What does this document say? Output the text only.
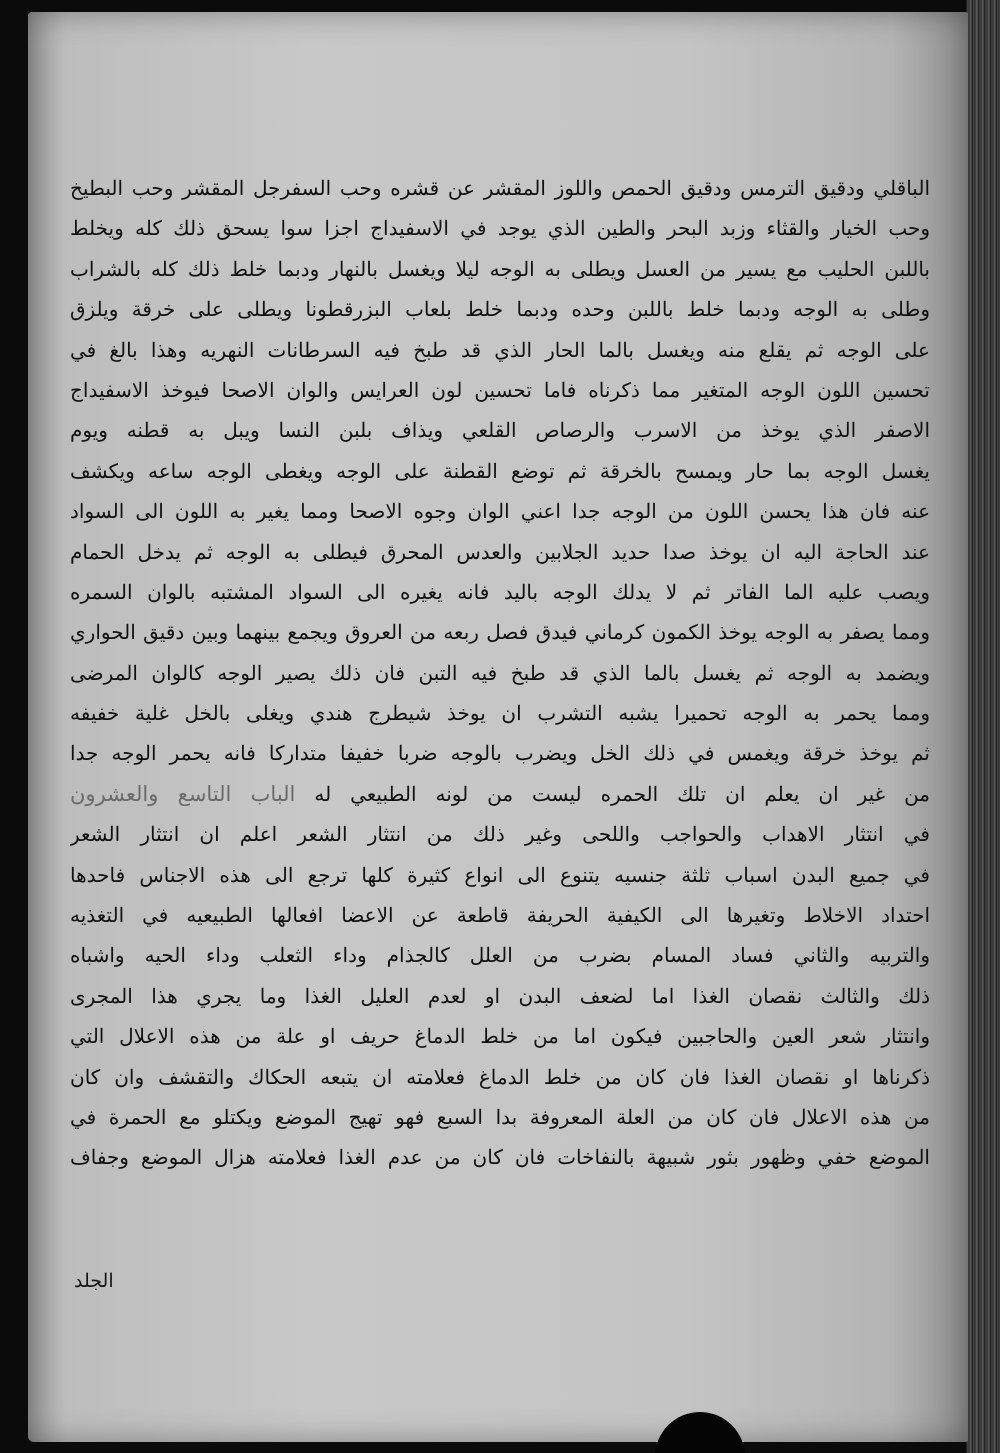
الباقلي ودقيق الترمس ودقيق الحمص واللوز المقشر عن قشره وحب السفرجل المقشر وحب البطيخ
وحب الخيار والقثاء وزبد البحر والطين الذي يوجد في الاسفيداج اجزا سوا يسحق ذلك كله ويخلط
باللبن الحليب مع يسير من العسل ويطلى به الوجه ليلا ويغسل بالنهار ودبما خلط ذلك كله بالشراب
وطلى به الوجه ودبما خلط باللبن وحده ودبما خلط بلعاب البزرقطونا ويطلى على خرقة ويلزق
على الوجه ثم يقلع منه ويغسل بالما الحار الذي قد طبخ فيه السرطانات النهريه وهذا بالغ في
تحسين اللون الوجه المتغير مما ذكرناه فاما تحسين لون العرايس والوان الاصحا فيوخذ الاسفيداج
الاصفر الذي يوخذ من الاسرب والرصاص القلعي ويذاف بلبن النسا ويبل به قطنه ويوم
يغسل الوجه بما حار ويمسح بالخرقة ثم توضع القطنة على الوجه ويغطى الوجه ساعه ويكشف
عنه فان هذا يحسن اللون من الوجه جدا اعني الوان وجوه الاصحا ومما يغير به اللون الى السواد
عند الحاجة اليه ان يوخذ صدا حديد الجلابين والعدس المحرق فيطلى به الوجه ثم يدخل الحمام
ويصب عليه الما الفاتر ثم لا يدلك الوجه باليد فانه يغيره الى السواد المشتبه بالوان السمره
ومما يصفر به الوجه يوخذ الكمون كرماني فيدق فصل ربعه من العروق ويجمع بينهما وبين دقيق الحواري
ويضمد به الوجه ثم يغسل بالما الذي قد طبخ فيه التبن فان ذلك يصير الوجه كالوان المرضى
ومما يحمر به الوجه تحميرا يشبه التشرب ان يوخذ شيطرج هندي ويغلى بالخل غلية خفيفه
ثم يوخذ خرقة ويغمس في ذلك الخل ويضرب بالوجه ضربا خفيفا متداركا فانه يحمر الوجه جدا
من غير ان يعلم ان تلك الحمره ليست من لونه الطبيعي له الباب التاسع والعشرون
في انتثار الاهداب والحواجب واللحى وغير ذلك من انتثار الشعر اعلم ان انتثار الشعر
في جميع البدن اسباب ثلثة جنسيه يتنوع الى انواع كثيرة كلها ترجع الى هذه الاجناس فاحدها
احتداد الاخلاط وتغيرها الى الكيفية الحريفة قاطعة عن الاعضا افعالها الطبيعيه في التغذيه
والتربيه والثاني فساد المسام بضرب من العلل كالجذام وداء الثعلب وداء الحيه واشباه
ذلك والثالث نقصان الغذا اما لضعف البدن او لعدم العليل الغذا وما يجري هذا المجرى
وانتثار شعر العين والحاجبين فيكون اما من خلط الدماغ حريف او علة من هذه الاعلال التي
ذكرناها او نقصان الغذا فان كان من خلط الدماغ فعلامته ان يتبعه الحكاك والتقشف وان كان
من هذه الاعلال فان كان من العلة المعروفة بدا السبع فهو تهيج الموضع ويكتلو مع الحمرة في
الموضع خفي وظهور بثور شبيهة بالنفاخات فان كان من عدم الغذا فعلامته هزال الموضع وجفاف
الجلد
